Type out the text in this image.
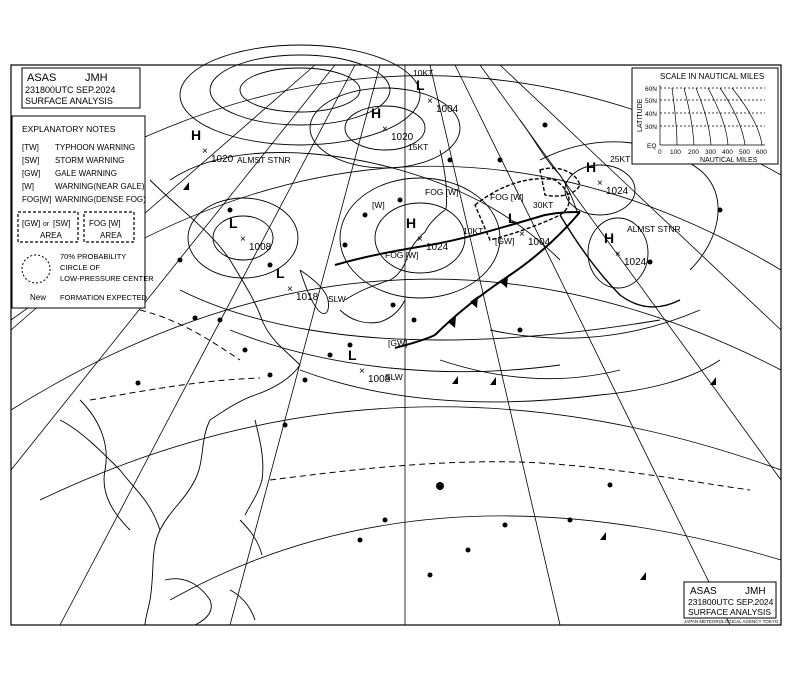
H
×
1020
L
×
1004
L
×
1008
L
×
1018
H
×
1024
L
×
1008
H
×
1024
H
×
1024
L
×
1004
H
×
1020 ALMST STNR
10KT
15KT
FOG [W]	FOG [W]
FOG [W]
10KT
30KT
25KT
ALMST STNR
SLW
SLW
[GW]
[GW]
[W]
ASAS	JMH
231800UTC SEP.2024
SURFACE ANALYSIS
EXPLANATORY NOTES
[TW] TYPHOON WARNING
[SW] STORM WARNING
[GW] GALE WARNING
[W]	WARNING(NEAR GALE)
FOG[W] WARNING(DENSE FOG)
[GW] or [SW]
AREA
FOG [W]
AREA
70% PROBABILITY
CIRCLE OF
LOW-PRESSURE CENTER
New FORMATION EXPECTED
SCALE IN NAUTICAL MILES
LATITUDE
60N
50N
40N
30N
EQ
0 100 200 300 400 500 600
NAUTICAL MILES
ASAS	JMH
231800UTC SEP.2024
SURFACE ANALYSIS
JAPAN METEOROLOGICAL AGENCY TOKYO
